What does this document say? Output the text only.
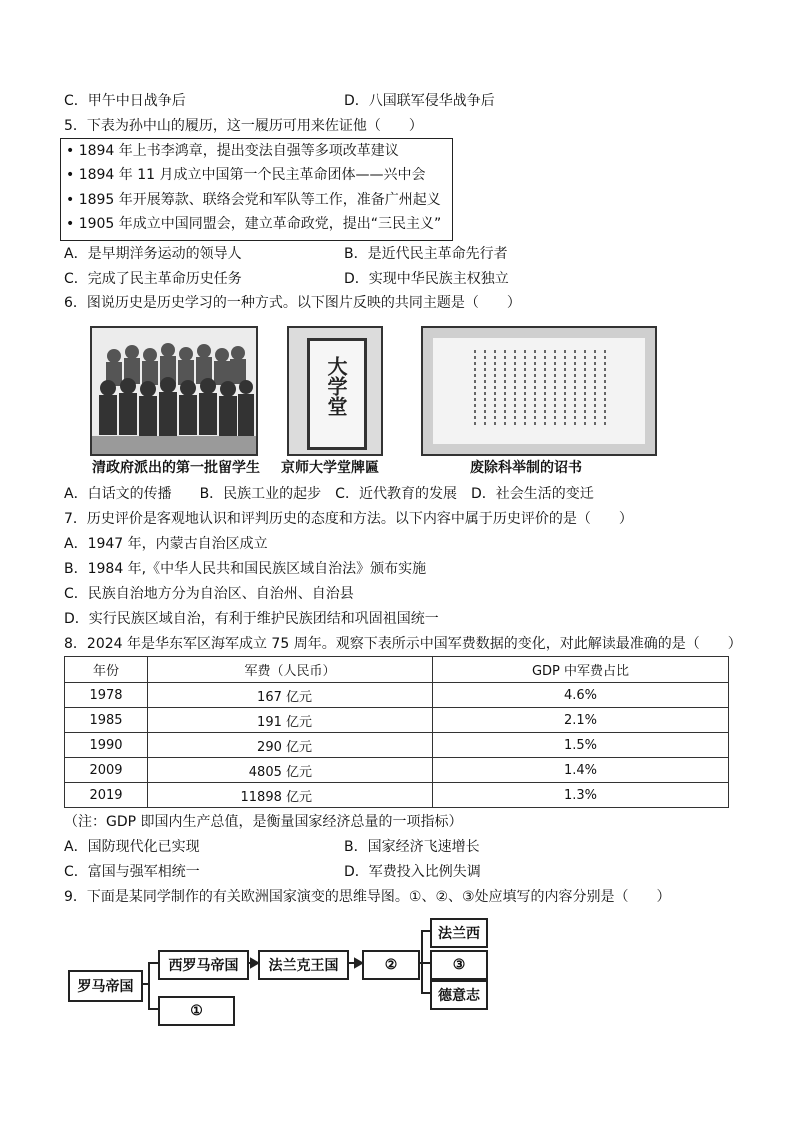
C．甲午中日战争后	D．八国联军侵华战争后
5．下表为孙中山的履历，这一履历可用来佐证他（　　）
• 1894 年上书李鸿章，提出变法自强等多项改革建议
• 1894 年 11 月成立中国第一个民主革命团体——兴中会
• 1895 年开展筹款、联络会党和军队等工作，准备广州起义
• 1905 年成立中国同盟会，建立革命政党，提出“三民主义”
A．是早期洋务运动的领导人	B．是近代民主革命先行者
C．完成了民主革命历史任务	D．实现中华民族主权独立
6．图说历史是历史学习的一种方式。以下图片反映的共同主题是（　　）
清政府派出的第一批留学生
大学堂
京师大学堂牌匾	废除科举制的诏书
A．白话文的传播　　B．民族工业的起步　C．近代教育的发展　D．社会生活的变迁
7．历史评价是客观地认识和评判历史的态度和方法。以下内容中属于历史评价的是（　　）
A．1947 年，内蒙古自治区成立
B．1984 年,《中华人民共和国民族区域自治法》颁布实施
C．民族自治地方分为自治区、自治州、自治县
D．实行民族区域自治，有利于维护民族团结和巩固祖国统一
8．2024 年是华东军区海军成立 75 周年。观察下表所示中国军费数据的变化，对此解读最准确的是（　　）
年份	军费（人民币）	GDP 中军费占比
1978	167 亿元	4.6%
1985	191 亿元	2.1%
1990	290 亿元	1.5%
2009	4805 亿元	1.4%
2019	11898 亿元	1.3%
（注：GDP 即国内生产总值，是衡量国家经济总量的一项指标）
A．国防现代化已实现	B．国家经济飞速增长
C．富国与强军相统一	D．军费投入比例失调
9．下面是某同学制作的有关欧洲国家演变的思维导图。①、②、③处应填写的内容分别是（　　）
罗马帝国
西罗马帝国
①
法兰克王国	②
法兰西
③
德意志
